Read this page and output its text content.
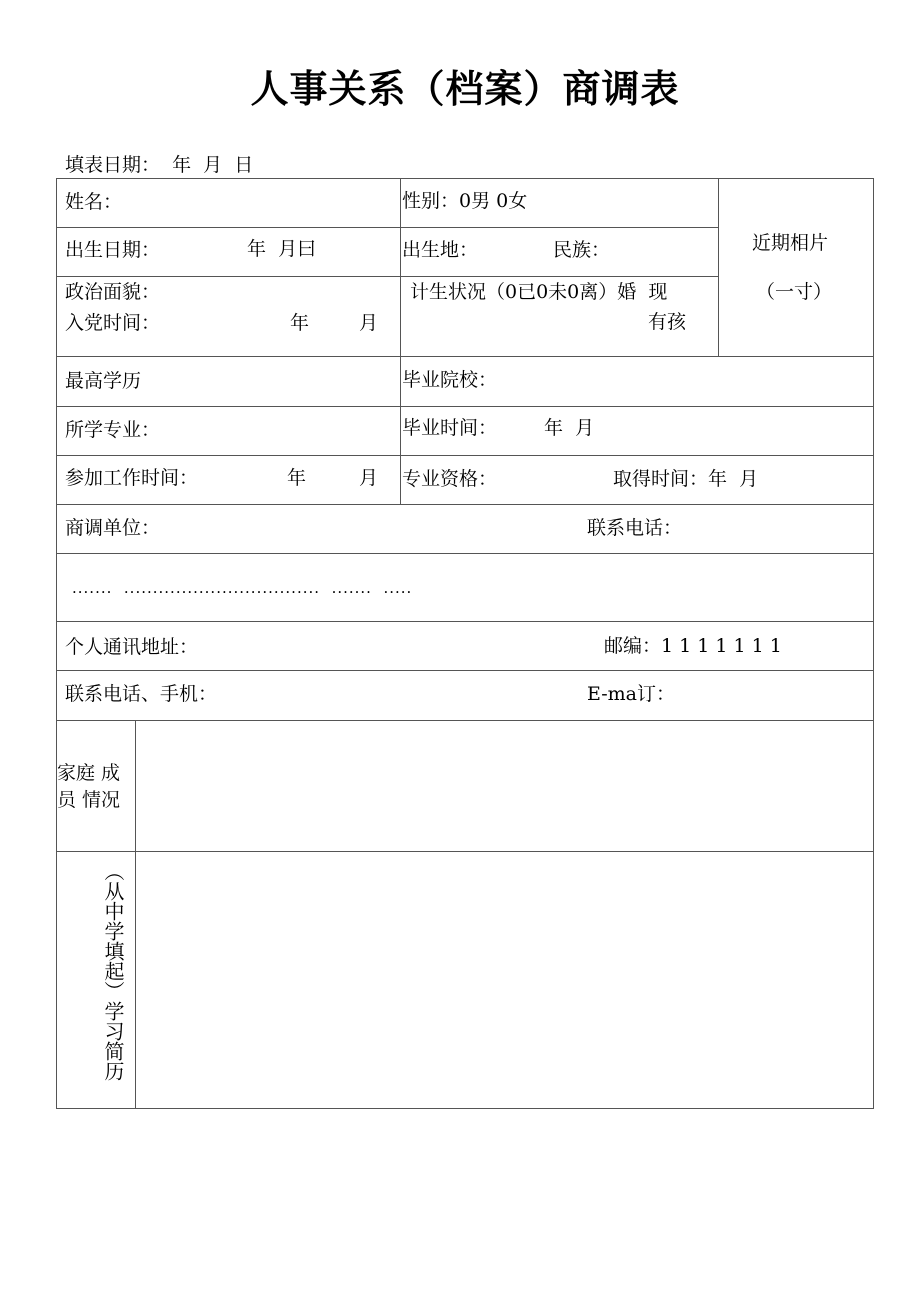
人事关系（档案）商调表
填表日期：  年  月  日
姓名：	性别：0男 0女
近期相片
（一寸）
出生日期：	年  月曰	出生地：	民族：
政治面貌：
入党时间：	年	月
计生状况（0已0未0离）婚  现
有孩
最高学历	毕业院校：
所学专业：	毕业时间： 年  月
参加工作时间：	年	月 专业资格：	取得时间：年  月
商调单位：	联系电话：
·······  ··································  ·······  ·····
个人通讯地址：	邮编：1 1 1 1 1 1 1
联系电话、手机：	E-ma订：
家庭 成
员 情况
（从中学填起）学习简历
